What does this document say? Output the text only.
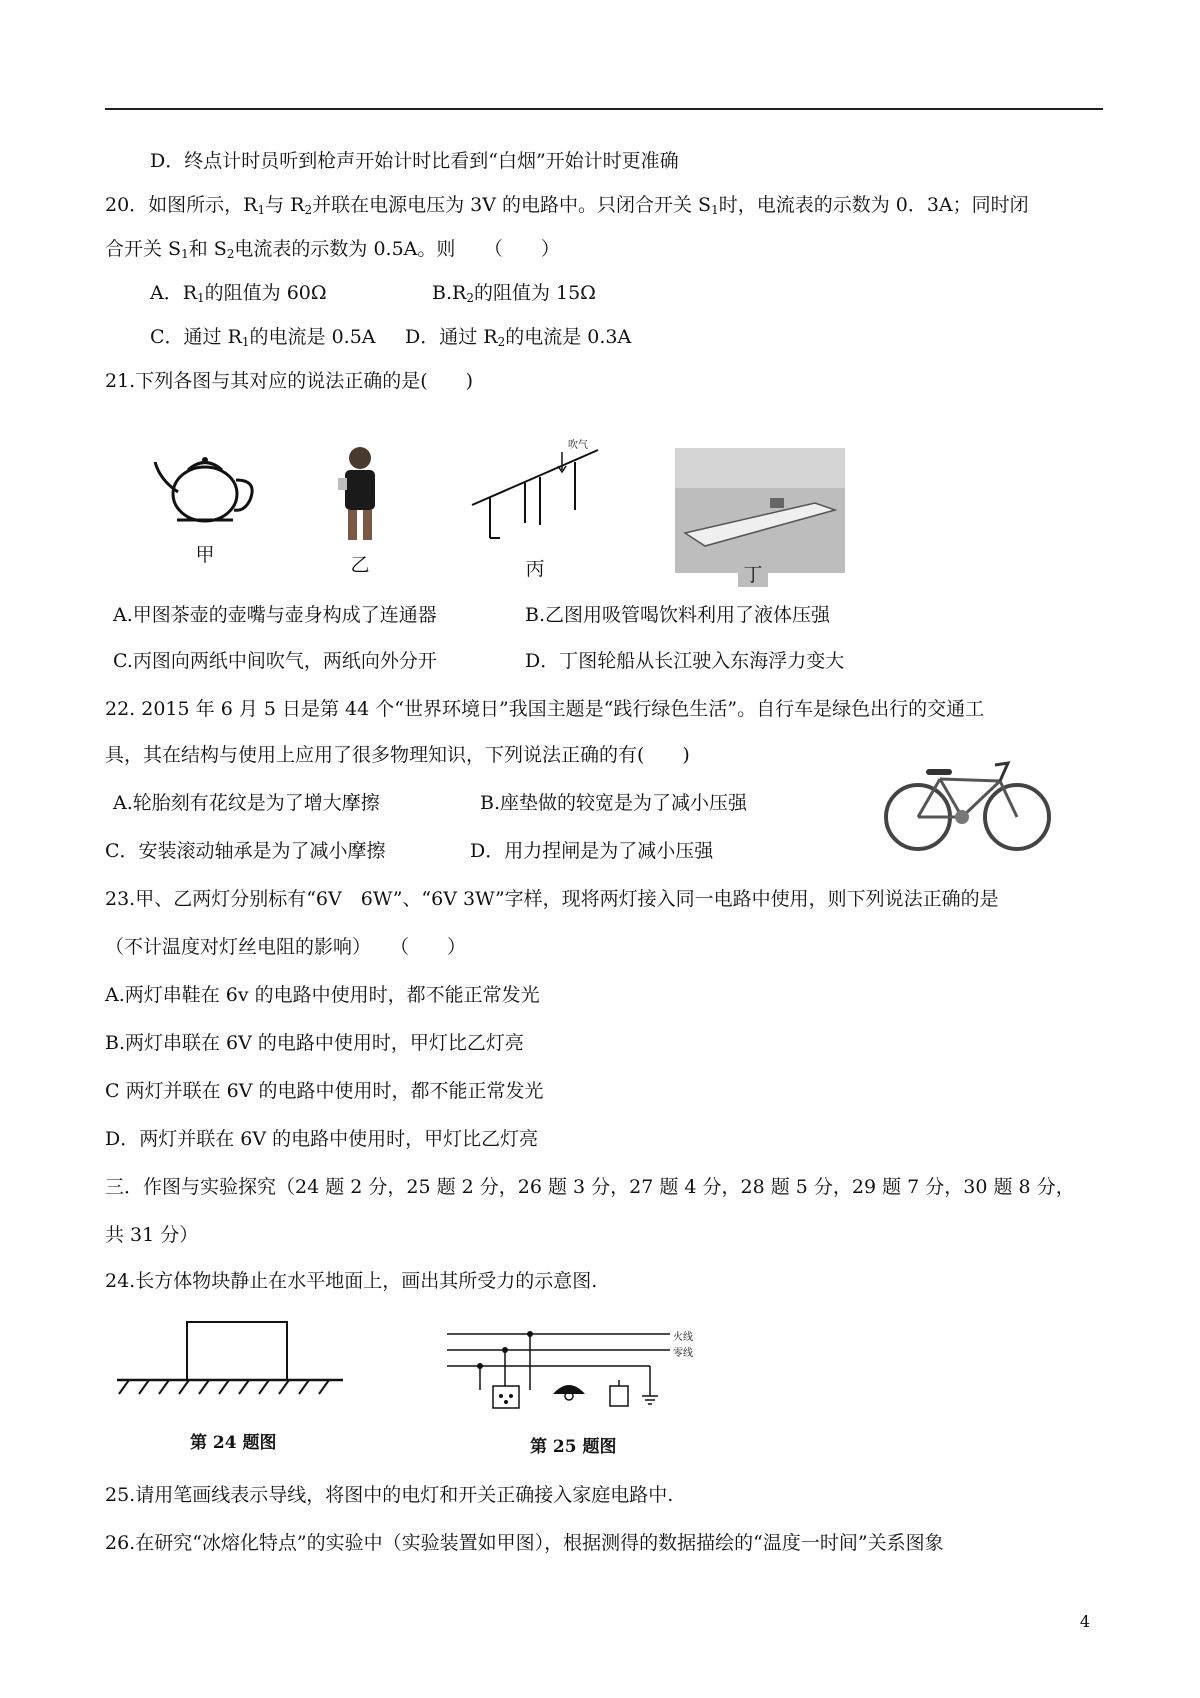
D．终点计时员听到枪声开始计时比看到“白烟”开始计时更准确
20．如图所示，$R_1$与 $R_2$并联在电源电压为 3V 的电路中。只闭合开关 $S_1$时，电流表的示数为 0．3A；同时闭
合开关 $S_1$和 $S_2$电流表的示数为 0.5A。则　　（　　）
A．$R_1$的阻值为 60Ω	$B.R_2$的阻值为 15Ω
C．通过 $R_1$的电流是 0.5A D．通过 $R_2$的电流是 0.3A
21.下列各图与其对应的说法正确的是(　　)
甲	乙
吹气
丙	丁
A.甲图茶壶的壶嘴与壶身构成了连通器	B.乙图用吸管喝饮料利用了液体压强
C.丙图向两纸中间吹气，两纸向外分开	D．丁图轮船从长江驶入东海浮力变大
22. 2015 年 6 月 5 日是第 44 个“世界环境日”我国主题是“践行绿色生活”。自行车是绿色出行的交通工
具，其在结构与使用上应用了很多物理知识，下列说法正确的有(　　)
A.轮胎刻有花纹是为了增大摩擦	B.座垫做的较宽是为了减小压强
C．安装滚动轴承是为了减小摩擦	D．用力捏闸是为了减小压强
23.甲、乙两灯分别标有“6V　6W”、“6V 3W”字样，现将两灯接入同一电路中使用，则下列说法正确的是
（不计温度对灯丝电阻的影响）　　（　　）
A.两灯串鞋在 6v 的电路中使用时，都不能正常发光
B.两灯串联在 6V 的电路中使用时，甲灯比乙灯亮
C 两灯并联在 6V 的电路中使用时，都不能正常发光
D．两灯并联在 6V 的电路中使用时，甲灯比乙灯亮
三．作图与实验探究（24 题 2 分，25 题 2 分，26 题 3 分，27 题 4 分，28 题 5 分，29 题 7 分，30 题 8 分，
共 31 分）
24.长方体物块静止在水平地面上，画出其所受力的示意图.
第 24 题图
火线
零线
第 25 题图
25.请用笔画线表示导线，将图中的电灯和开关正确接入家庭电路中.
26.在研究“冰熔化特点”的实验中（实验装置如甲图），根据测得的数据描绘的“温度一时间”关系图象
4
